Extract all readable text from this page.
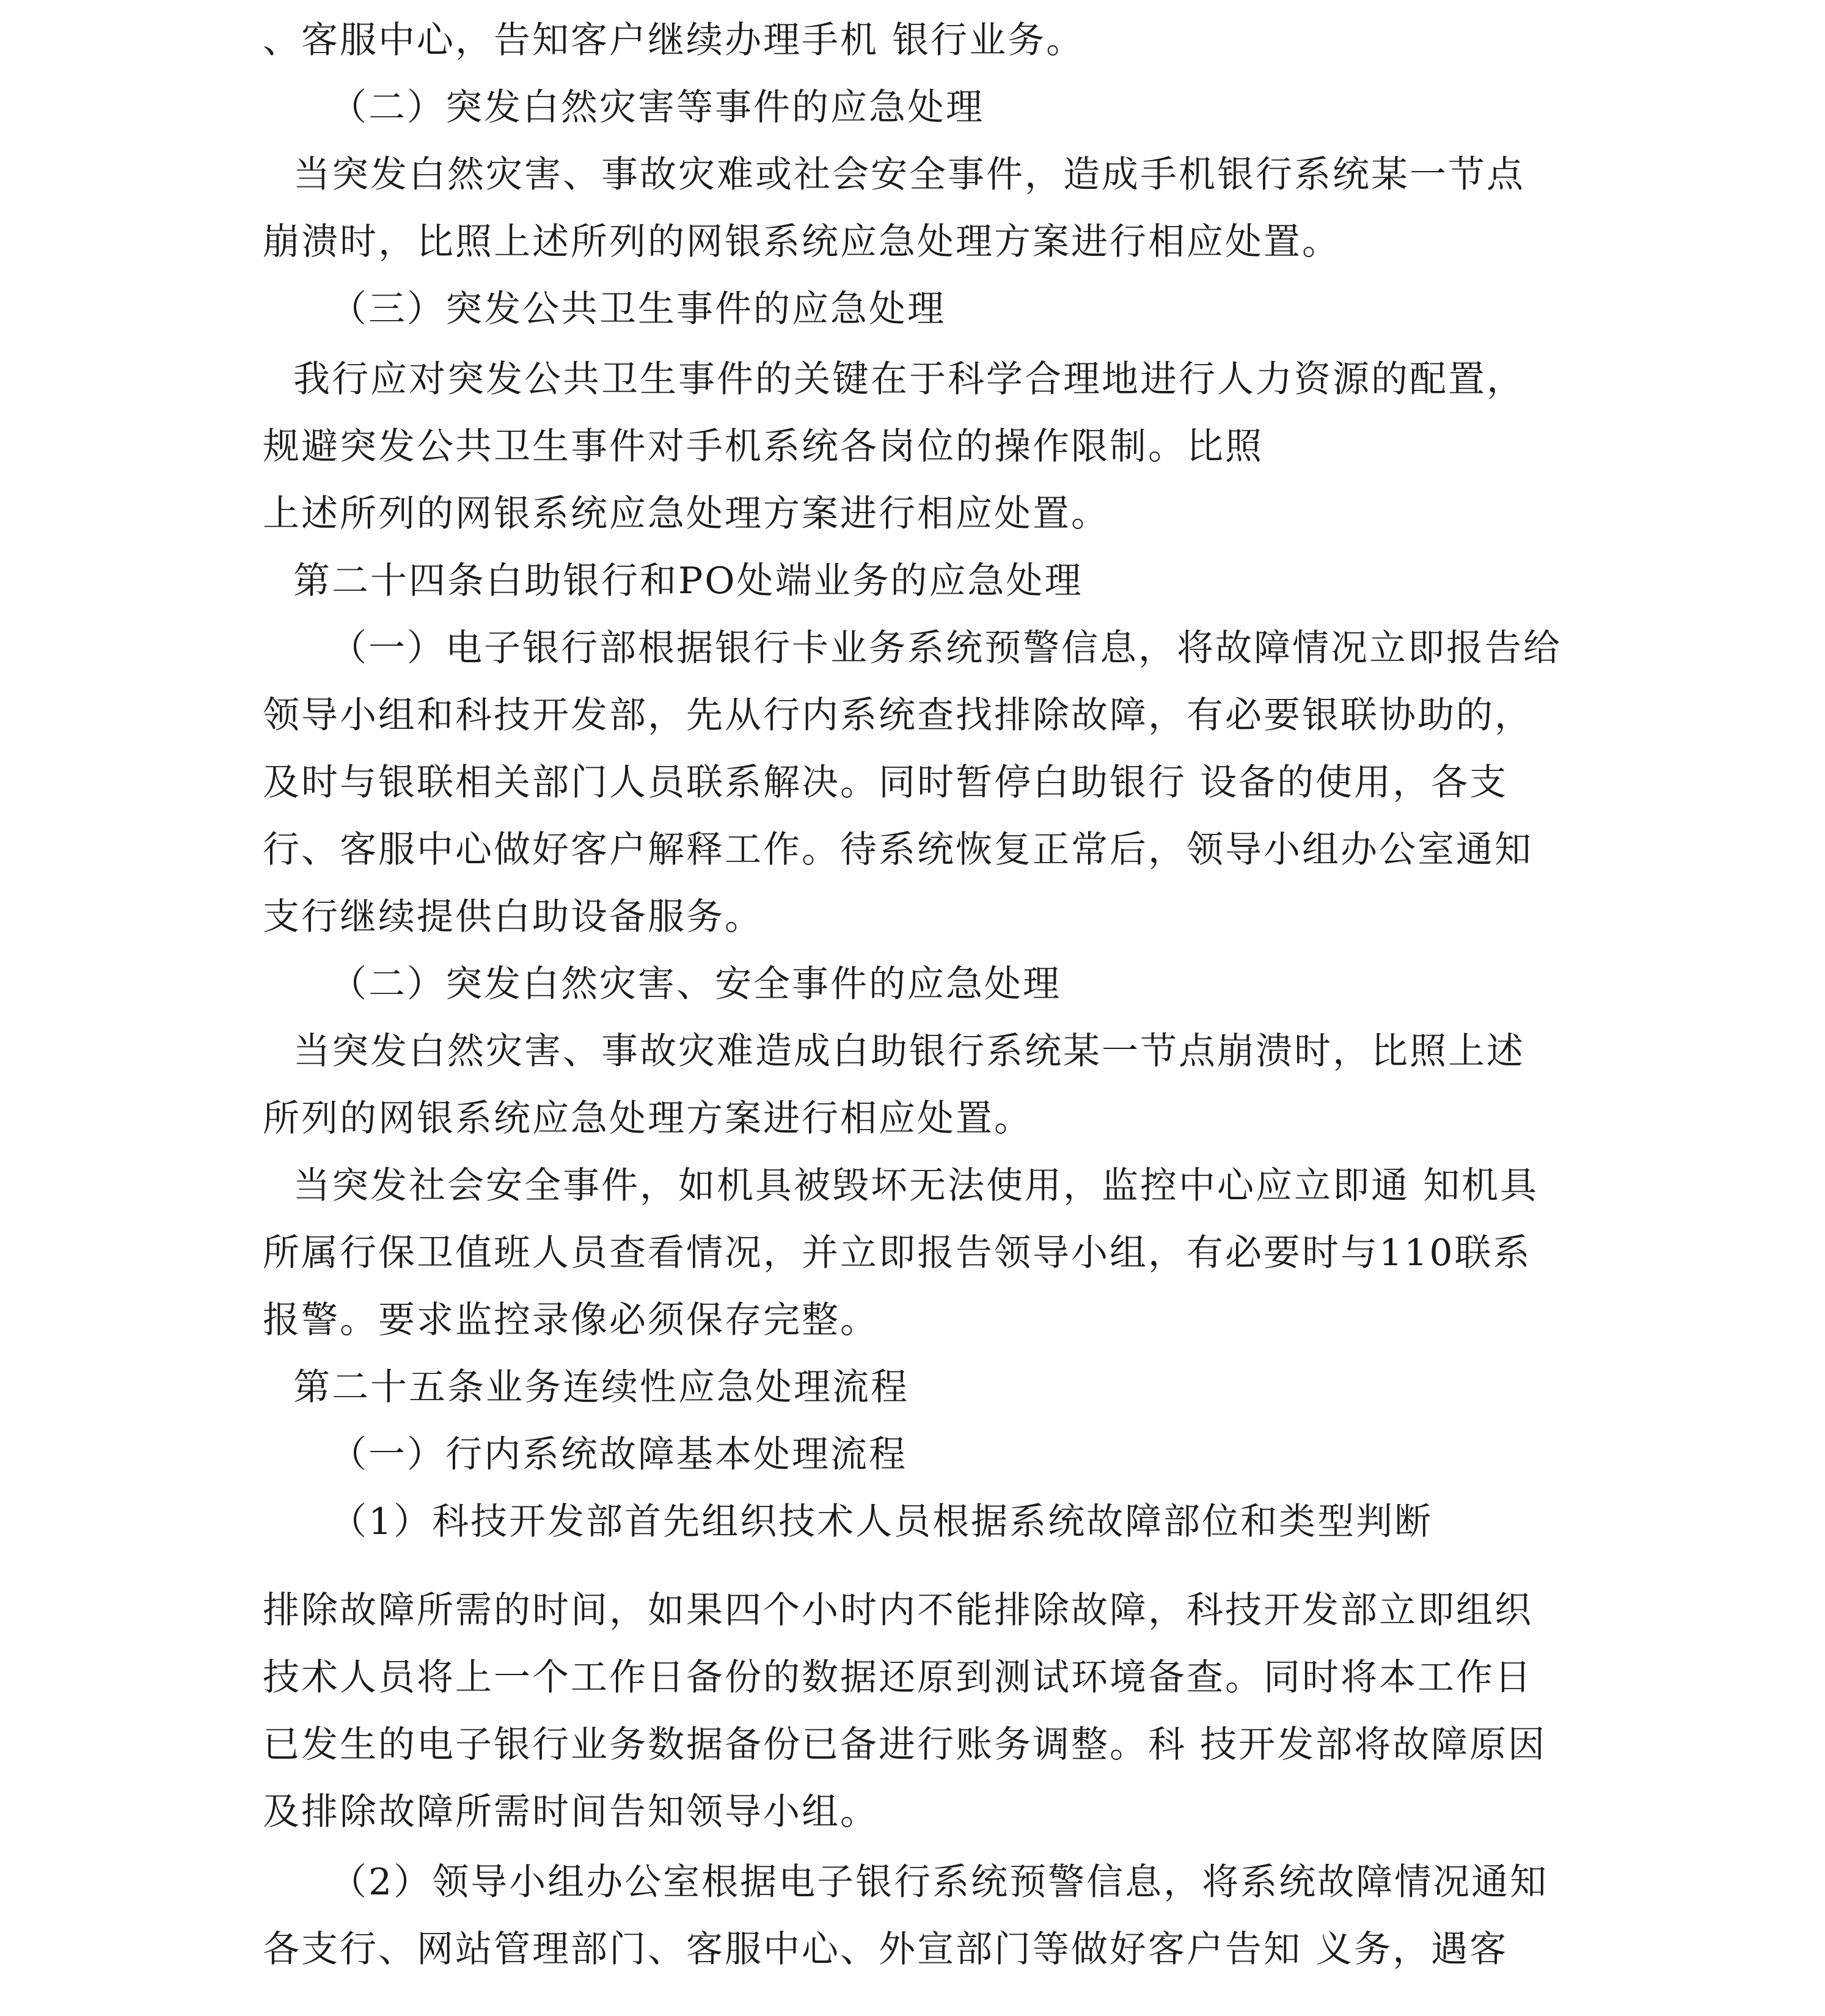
、客服中心，告知客户继续办理手机 银行业务。
（二）突发白然灾害等事件的应急处理
当突发白然灾害、事故灾难或社会安全事件，造成手机银行系统某一节点
崩溃时，比照上述所列的网银系统应急处理方案进行相应处置。
（三）突发公共卫生事件的应急处理
我行应对突发公共卫生事件的关键在于科学合理地进行人力资源的配置，
规避突发公共卫生事件对手机系统各岗位的操作限制。比照
上述所列的网银系统应急处理方案进行相应处置。
第二十四条白助银行和PO处端业务的应急处理
（一）电子银行部根据银行卡业务系统预警信息，将故障情况立即报告给
领导小组和科技开发部，先从行内系统查找排除故障，有必要银联协助的，
及时与银联相关部门人员联系解决。同时暂停白助银行 设备的使用，各支
行、客服中心做好客户解释工作。待系统恢复正常后，领导小组办公室通知
支行继续提供白助设备服务。
（二）突发白然灾害、安全事件的应急处理
当突发白然灾害、事故灾难造成白助银行系统某一节点崩溃时，比照上述
所列的网银系统应急处理方案进行相应处置。
当突发社会安全事件，如机具被毁坏无法使用，监控中心应立即通 知机具
所属行保卫值班人员查看情况，并立即报告领导小组，有必要时与110联系
报警。要求监控录像必须保存完整。
第二十五条业务连续性应急处理流程
（一）行内系统故障基本处理流程
（1）科技开发部首先组织技术人员根据系统故障部位和类型判断
排除故障所需的时间，如果四个小时内不能排除故障，科技开发部立即组织
技术人员将上一个工作日备份的数据还原到测试环境备查。同时将本工作日
已发生的电子银行业务数据备份已备进行账务调整。科 技开发部将故障原因
及排除故障所需时间告知领导小组。
（2）领导小组办公室根据电子银行系统预警信息，将系统故障情况通知
各支行、网站管理部门、客服中心、外宣部门等做好客户告知 义务，遇客
